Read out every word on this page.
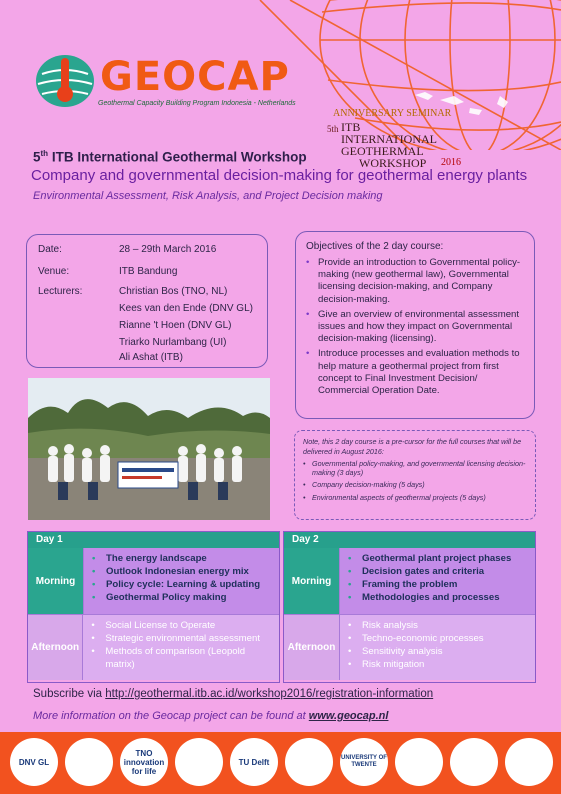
GEOCAP
Geothermal Capacity Building Program Indonesia - Netherlands
ANNIVERSARY SEMINAR
5th ITB
INTERNATIONAL
GEOTHERMAL
WORKSHOP 2016
5th ITB International Geothermal Workshop
Company and governmental decision-making for geothermal energy plants
Environmental Assessment, Risk Analysis, and Project Decision making
Date:	28 – 29th March 2016
Venue:	ITB Bandung
Lecturers:	Christian Bos (TNO, NL)
Kees van den Ende (DNV GL)
Rianne 't Hoen (DNV GL)
Triarko Nurlambang (UI)
Ali Ashat (ITB)
Objectives of the 2 day course:
• Provide an introduction to Governmental policy-making (new geothermal law), Governmental licensing decision-making, and Company decision-making.
• Give an overview of environmental assessment issues and how they impact on Governmental decision-making (licensing).
• Introduce processes and evaluation methods to help mature a geothermal project from first concept to Final Investment Decision/ Commercial Operation Date.
Note, this 2 day course is a pre-cursor for the full courses that will be delivered in August 2016:
• Governmental policy-making, and governmental licensing decision-making (3 days)
• Company decision-making (5 days)
• Environmental aspects of geothermal projects (5 days)
Day 1
Morning
• The energy landscape
• Outlook Indonesian energy mix
• Policy cycle: Learning & updating
• Geothermal Policy making
Afternoon
• Social License to Operate
• Strategic environmental assessment
• Methods of comparison (Leopold matrix)
Day 2
Morning
• Geothermal plant project phases
• Decision gates and criteria
• Framing the problem
• Methodologies and processes
Afternoon
• Risk analysis
• Techno-economic processes
• Sensitivity analysis
• Risk mitigation
Subscribe via http://geothermal.itb.ac.id/workshop2016/registration-information
More information on the Geocap project can be found at www.geocap.nl
DNV GL
TNO innovation for life
TU Delft	UNIVERSITY OF TWENTE
